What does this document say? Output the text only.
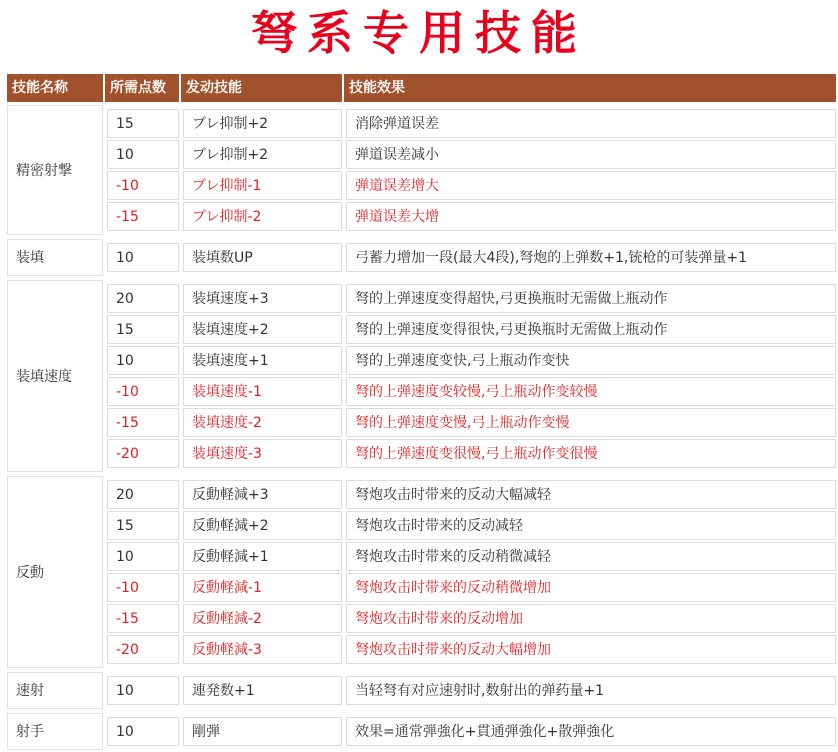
弩系专用技能
技能名称	所需点数	发动技能	技能效果
精密射撃
15	ブレ抑制+2	消除弹道误差
10	ブレ抑制+2	弹道误差减小
-10	ブレ抑制-1	弹道误差增大
-15	ブレ抑制-2	弹道误差大增
装填	10	装填数UP	弓蓄力增加一段(最大4段),弩炮的上弹数+1,铳枪的可装弹量+1
装填速度
20	装填速度+3	弩的上弹速度变得超快,弓更换瓶时无需做上瓶动作
15	装填速度+2	弩的上弹速度变得很快,弓更换瓶时无需做上瓶动作
10	装填速度+1	弩的上弹速度变快,弓上瓶动作变快
-10	装填速度-1	弩的上弹速度变较慢,弓上瓶动作变较慢
-15	装填速度-2	弩的上弹速度变慢,弓上瓶动作变慢
-20	装填速度-3	弩的上弹速度变很慢,弓上瓶动作变很慢
反動
20	反動軽減+3	弩炮攻击时带来的反动大幅减轻
15	反動軽減+2	弩炮攻击时带来的反动减轻
10	反動軽減+1	弩炮攻击时带来的反动稍微减轻
-10	反動軽減-1	弩炮攻击时带来的反动稍微增加
-15	反動軽減-2	弩炮攻击时带来的反动增加
-20	反動軽減-3	弩炮攻击时带来的反动大幅增加
速射	10	連発数+1	当轻弩有对应速射时,数射出的弹药量+1
射手	10	剛弾	效果=通常弾強化+貫通弾強化+散弾強化
